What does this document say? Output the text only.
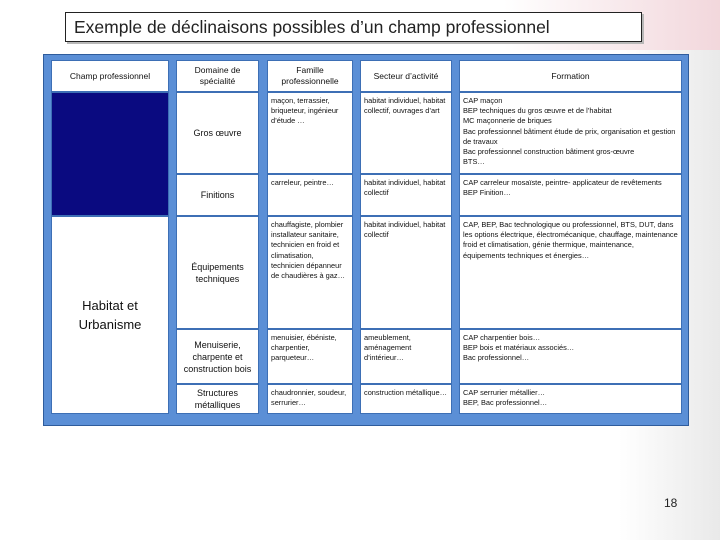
Exemple de déclinaisons possibles d’un champ professionnel
Champ professionnel
Domaine de spécialité
Famille professionnelle
Secteur d’activité	Formation
Habitat et Urbanisme
Gros œuvre
Finitions
Équipements techniques
Menuiserie, charpente et construction bois
Structures métalliques
maçon, terrassier, briqueteur, ingénieur d’étude …
carreleur, peintre…
chauffagiste, plombier installateur sanitaire, technicien en froid et climatisation, technicien dépanneur de chaudières à gaz…
menuisier, ébéniste, charpentier, parqueteur…
chaudronnier, soudeur, serrurier…
habitat individuel, habitat collectif, ouvrages d’art
habitat individuel, habitat collectif
habitat individuel, habitat collectif
ameublement, aménagement d’intérieur…
construction métallique…
CAP maçon
BEP techniques du gros œuvre et de l’habitat
MC maçonnerie de briques
Bac professionnel bâtiment étude de prix, organisation et gestion de travaux
Bac professionnel construction bâtiment gros-œuvre
BTS…
CAP carreleur mosaïste, peintre- applicateur de revêtements
BEP Finition…
CAP, BEP, Bac technologique ou professionnel, BTS, DUT, dans les options électrique, électromécanique, chauffage, maintenance froid et climatisation, génie thermique, maintenance, équipements techniques et énergies…
CAP charpentier bois…
BEP bois et matériaux associés…
Bac professionnel…
CAP serrurier métallier…
BEP, Bac professionnel…
18
